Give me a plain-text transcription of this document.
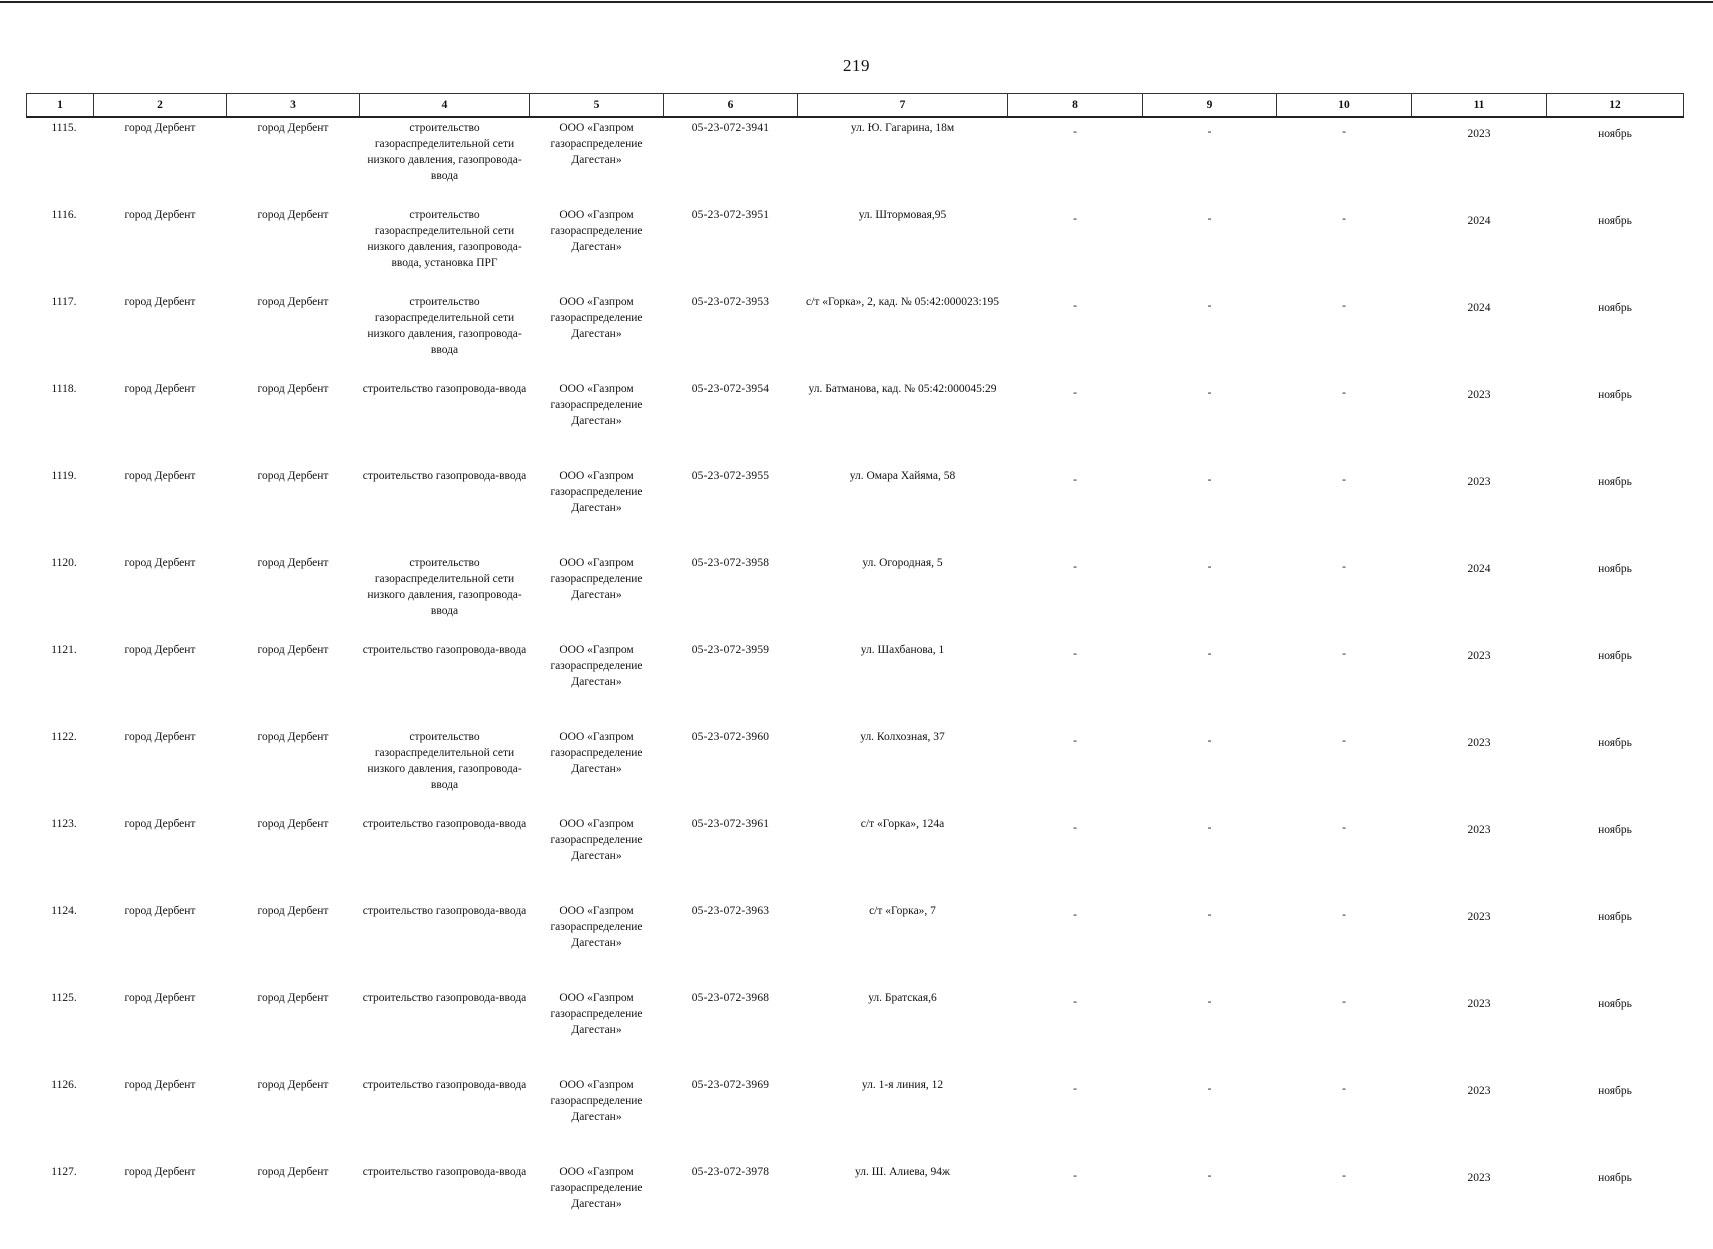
219
1	2	3	4	5	6	7	8	9	10	11	12
1115.	город Дербент	город Дербент	строительство газораспределительной сети низкого давления, газопровода-ввода	ООО «Газпром газораспределение Дагестан»	05-23-072-3941	ул. Ю. Гагарина, 18м	-	-	-	2023	ноябрь
1116.	город Дербент	город Дербент	строительство газораспределительной сети низкого давления, газопровода-ввода, установка ПРГ	ООО «Газпром газораспределение Дагестан»	05-23-072-3951	ул. Штормовая,95	-	-	-	2024	ноябрь
1117.	город Дербент	город Дербент	строительство газораспределительной сети низкого давления, газопровода-ввода	ООО «Газпром газораспределение Дагестан»	05-23-072-3953	с/т «Горка», 2, кад. № 05:42:000023:195	-	-	-	2024	ноябрь
1118.	город Дербент	город Дербент	строительство газопровода-ввода	ООО «Газпром газораспределение Дагестан»	05-23-072-3954	ул. Батманова, кад. № 05:42:000045:29	-	-	-	2023	ноябрь
1119.	город Дербент	город Дербент	строительство газопровода-ввода	ООО «Газпром газораспределение Дагестан»	05-23-072-3955	ул. Омара Хайяма, 58	-	-	-	2023	ноябрь
1120.	город Дербент	город Дербент	строительство газораспределительной сети низкого давления, газопровода-ввода	ООО «Газпром газораспределение Дагестан»	05-23-072-3958	ул. Огородная, 5	-	-	-	2024	ноябрь
1121.	город Дербент	город Дербент	строительство газопровода-ввода	ООО «Газпром газораспределение Дагестан»	05-23-072-3959	ул. Шахбанова, 1	-	-	-	2023	ноябрь
1122.	город Дербент	город Дербент	строительство газораспределительной сети низкого давления, газопровода-ввода	ООО «Газпром газораспределение Дагестан»	05-23-072-3960	ул. Колхозная, 37	-	-	-	2023	ноябрь
1123.	город Дербент	город Дербент	строительство газопровода-ввода	ООО «Газпром газораспределение Дагестан»	05-23-072-3961	с/т «Горка», 124а	-	-	-	2023	ноябрь
1124.	город Дербент	город Дербент	строительство газопровода-ввода	ООО «Газпром газораспределение Дагестан»	05-23-072-3963	с/т «Горка», 7	-	-	-	2023	ноябрь
1125.	город Дербент	город Дербент	строительство газопровода-ввода	ООО «Газпром газораспределение Дагестан»	05-23-072-3968	ул. Братская,6	-	-	-	2023	ноябрь
1126.	город Дербент	город Дербент	строительство газопровода-ввода	ООО «Газпром газораспределение Дагестан»	05-23-072-3969	ул. 1-я линия, 12	-	-	-	2023	ноябрь
1127.	город Дербент	город Дербент	строительство газопровода-ввода	ООО «Газпром газораспределение Дагестан»	05-23-072-3978	ул. Ш. Алиева, 94ж	-	-	-	2023	ноябрь
